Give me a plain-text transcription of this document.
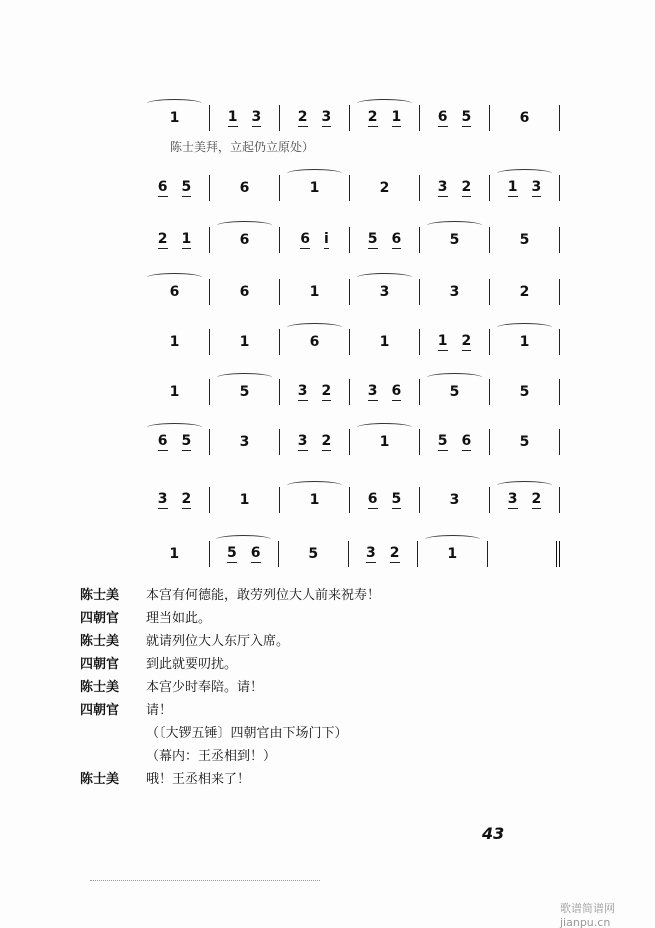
1	1 3	2 3	2 1	6 5	6
6 5	6	1	2	3 2	1 3
2 1	6	6 i	5 6	5	5
6	6	1	3	3	2
1	1	6	1	1 2	1
1	5	3 2	3 6	5	5
6 5	3	3 2	1	5 6	5
3 2	1	1	6 5	3	3 2
1	5 6	5	3 2	1
陈士美拜，立起仍立原处）
陈士美	本宫有何德能，敢劳列位大人前来祝寿！
四朝官	理当如此。
陈士美	就请列位大人东厅入席。
四朝官	到此就要叨扰。
陈士美	本宫少时奉陪。请！
四朝官	请！
（〔大锣五锤〕四朝官由下场门下）
（幕内：王丞相到！）
陈士美	哦！王丞相来了！
43
歌谱简谱网 jianpu.cn
